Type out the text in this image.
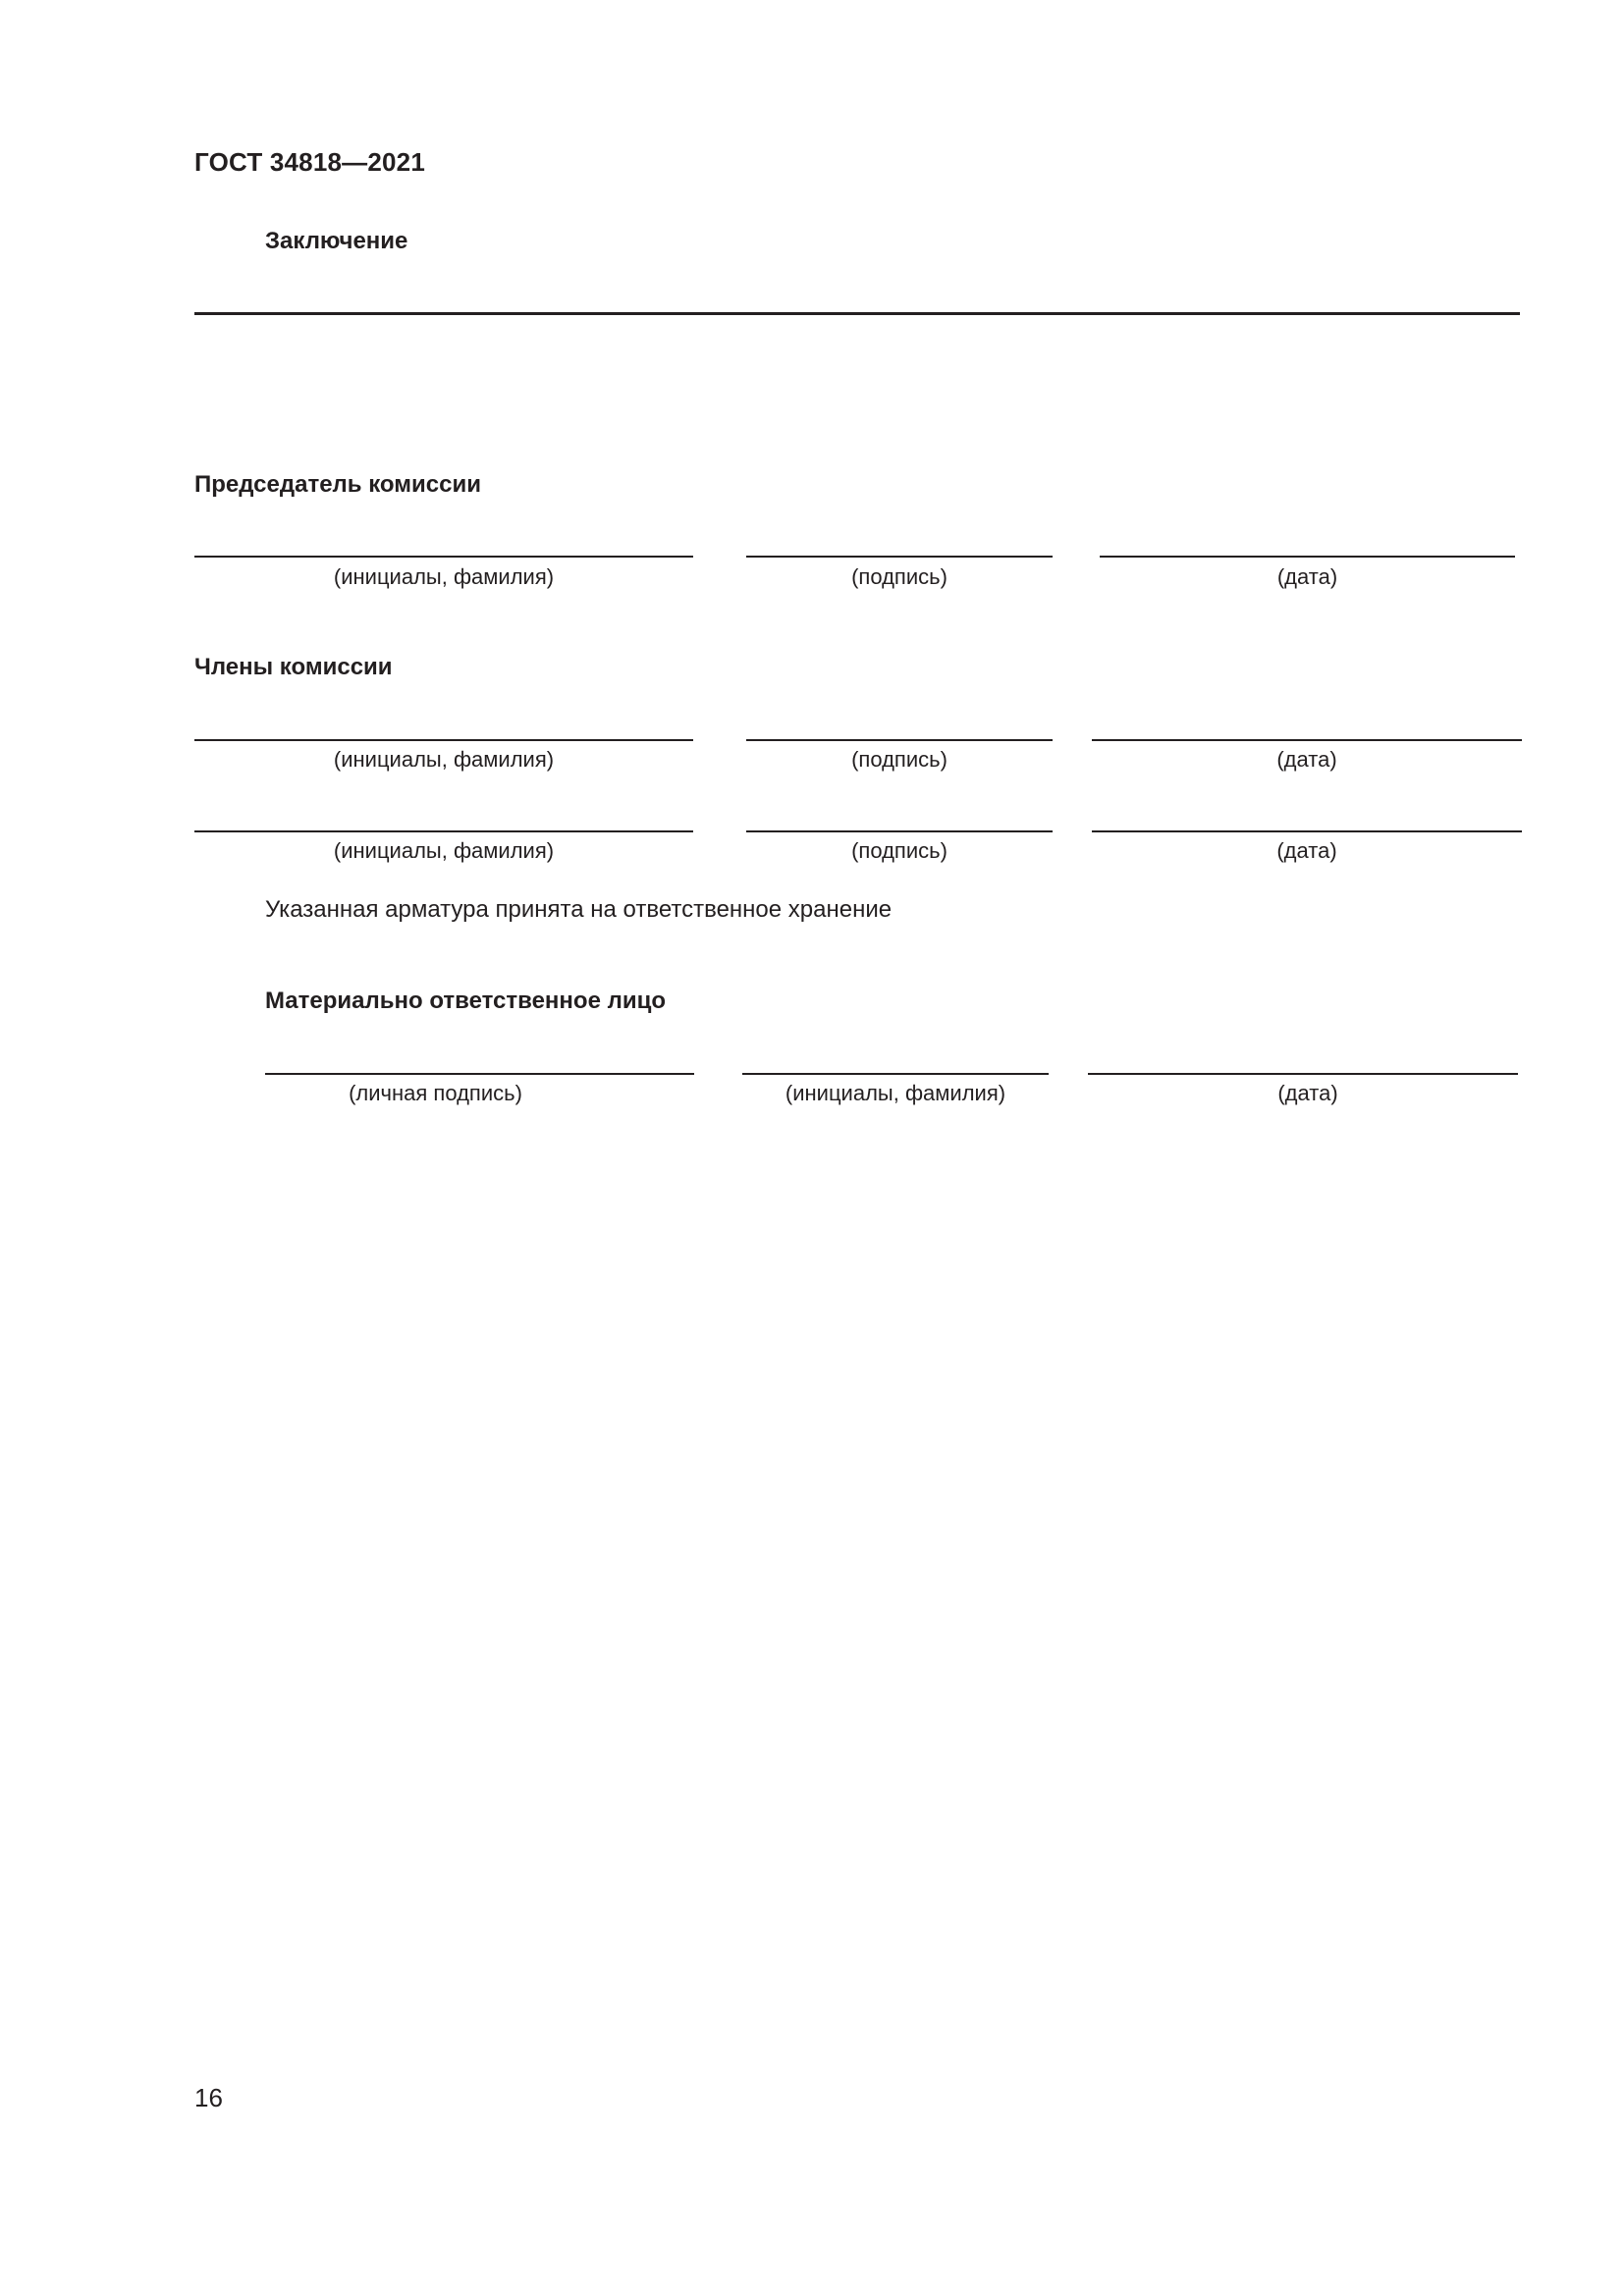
ГОСТ 34818—2021
Заключение
Председатель комиссии
(инициалы, фамилия)	(подпись)	(дата)
Члены комиссии
(инициалы, фамилия)	(подпись)	(дата)
(инициалы, фамилия)	(подпись)	(дата)
Указанная арматура принята на ответственное хранение
Материально ответственное лицо
(личная подпись)	(инициалы, фамилия)	(дата)
16
